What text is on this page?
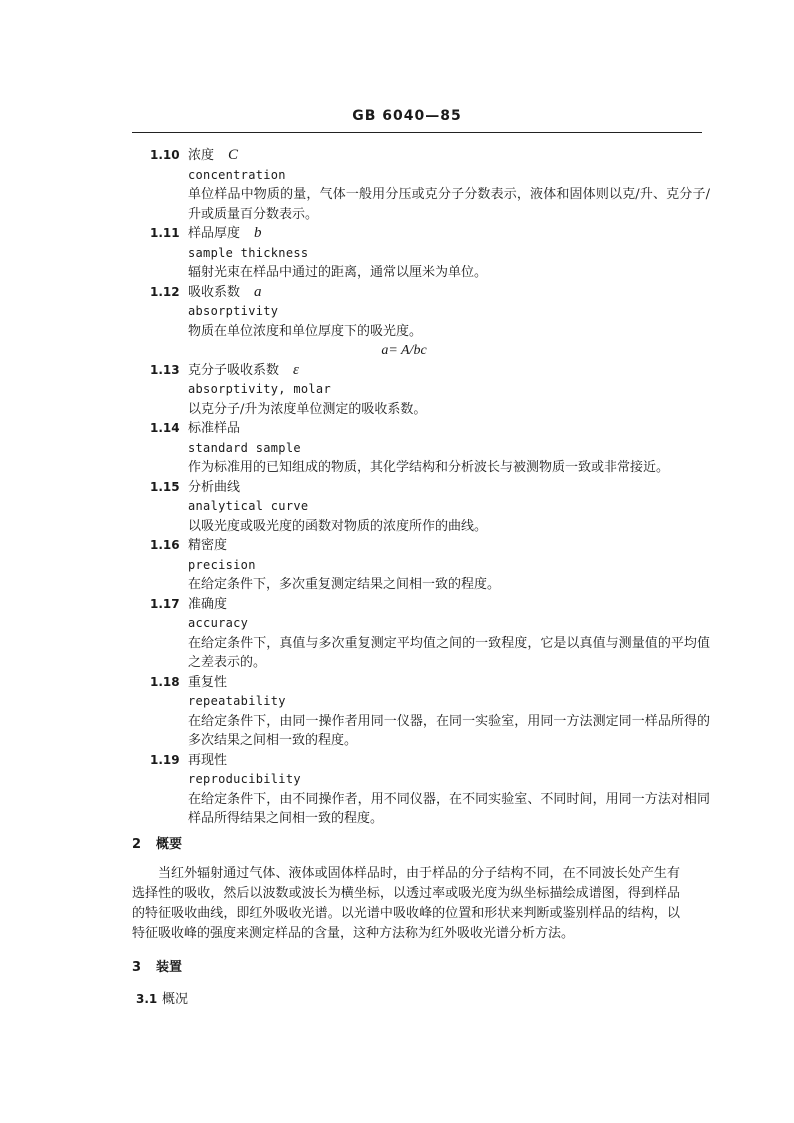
GB 6040—85
1.10 浓度 C
concentration
单位样品中物质的量，气体一般用分压或克分子分数表示，液体和固体则以克/升、克分子/升或质量百分数表示。
1.11 样品厚度 b
sample thickness
辐射光束在样品中通过的距离，通常以厘米为单位。
1.12 吸收系数 a
absorptivity
物质在单位浓度和单位厚度下的吸光度。
a= A/bc
1.13 克分子吸收系数 ε
absorptivity, molar
以克分子/升为浓度单位测定的吸收系数。
1.14 标准样品
standard sample
作为标准用的已知组成的物质，其化学结构和分析波长与被测物质一致或非常接近。
1.15 分析曲线
analytical curve
以吸光度或吸光度的函数对物质的浓度所作的曲线。
1.16 精密度
precision
在给定条件下，多次重复测定结果之间相一致的程度。
1.17 准确度
accuracy
在给定条件下，真值与多次重复测定平均值之间的一致程度，它是以真值与测量值的平均值之差表示的。
1.18 重复性
repeatability
在给定条件下，由同一操作者用同一仪器，在同一实验室，用同一方法测定同一样品所得的多次结果之间相一致的程度。
1.19 再现性
reproducibility
在给定条件下，由不同操作者，用不同仪器，在不同实验室、不同时间，用同一方法对相同样品所得结果之间相一致的程度。
2 概要
当红外辐射通过气体、液体或固体样品时，由于样品的分子结构不同，在不同波长处产生有选择性的吸收，然后以波数或波长为横坐标，以透过率或吸光度为纵坐标描绘成谱图，得到样品的特征吸收曲线，即红外吸收光谱。以光谱中吸收峰的位置和形状来判断或鉴别样品的结构，以特征吸收峰的强度来测定样品的含量，这种方法称为红外吸收光谱分析方法。
3 装置
3.1 概况
